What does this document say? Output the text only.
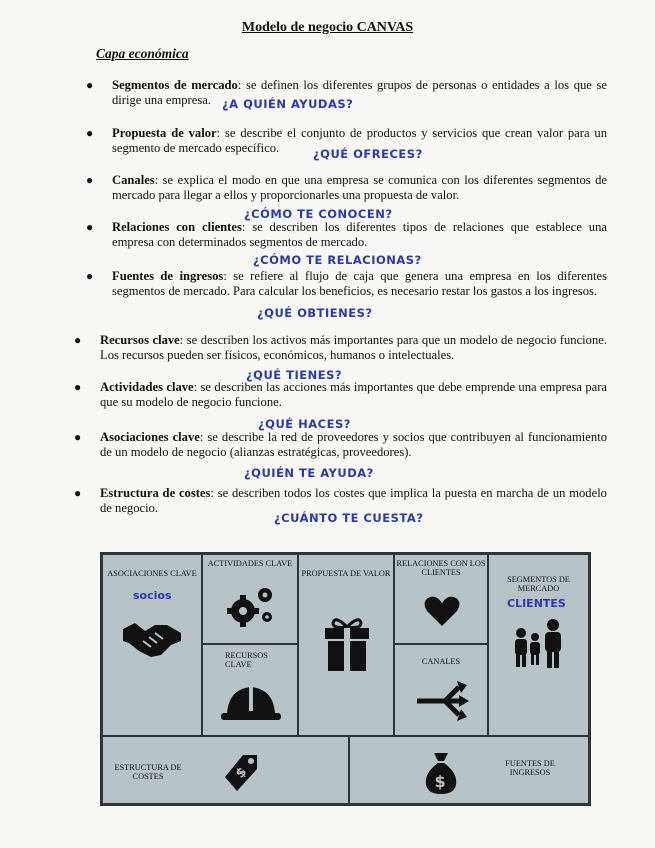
Modelo de negocio CANVAS
Capa económica
●	Segmentos de mercado: se definen los diferentes grupos de personas o entidades a los que se dirige una empresa.
●	Propuesta de valor: se describe el conjunto de productos y servicios que crean valor para un segmento de mercado específico.
●	Canales: se explica el modo en que una empresa se comunica con los diferentes segmentos de mercado para llegar a ellos y proporcionarles una propuesta de valor.
●	Relaciones con clientes: se describen los diferentes tipos de relaciones que establece una empresa con determinados segmentos de mercado.
●	Fuentes de ingresos: se refiere al flujo de caja que genera una empresa en los diferentes segmentos de mercado. Para calcular los beneficios, es necesario restar los gastos a los ingresos.
●	Recursos clave: se describen los activos más importantes para que un modelo de negocio funcione. Los recursos pueden ser físicos, económicos, humanos o intelectuales.
●	Actividades clave: se describen las acciones más importantes que debe emprende una empresa para que su modelo de negocio funcione.
●	Asociaciones clave: se describe la red de proveedores y socios que contribuyen al funcionamiento de un modelo de negocio (alianzas estratégicas, proveedores).
●	Estructura de costes: se describen todos los costes que implica la puesta en marcha de un modelo de negocio.
¿A QUIÉN AYUDAS?
¿QUÉ OFRECES?
¿CÓMO TE CONOCEN?
¿CÓMO TE RELACIONAS?
¿QUÉ OBTIENES?
¿QUÉ TIENES?
¿QUÉ HACES?
¿QUIÉN TE AYUDA?
¿CUÁNTO TE CUESTA?
ASOCIACIONES CLAVE
socios
ACTIVIDADES CLAVE
RECURSOS CLAVE
PROPUESTA DE VALOR
RELACIONES CON LOS CLIENTES
CANALES
SEGMENTOS DE MERCADO
CLIENTES
ESTRUCTURA DE COSTES	$	$
FUENTES DE INGRESOS
